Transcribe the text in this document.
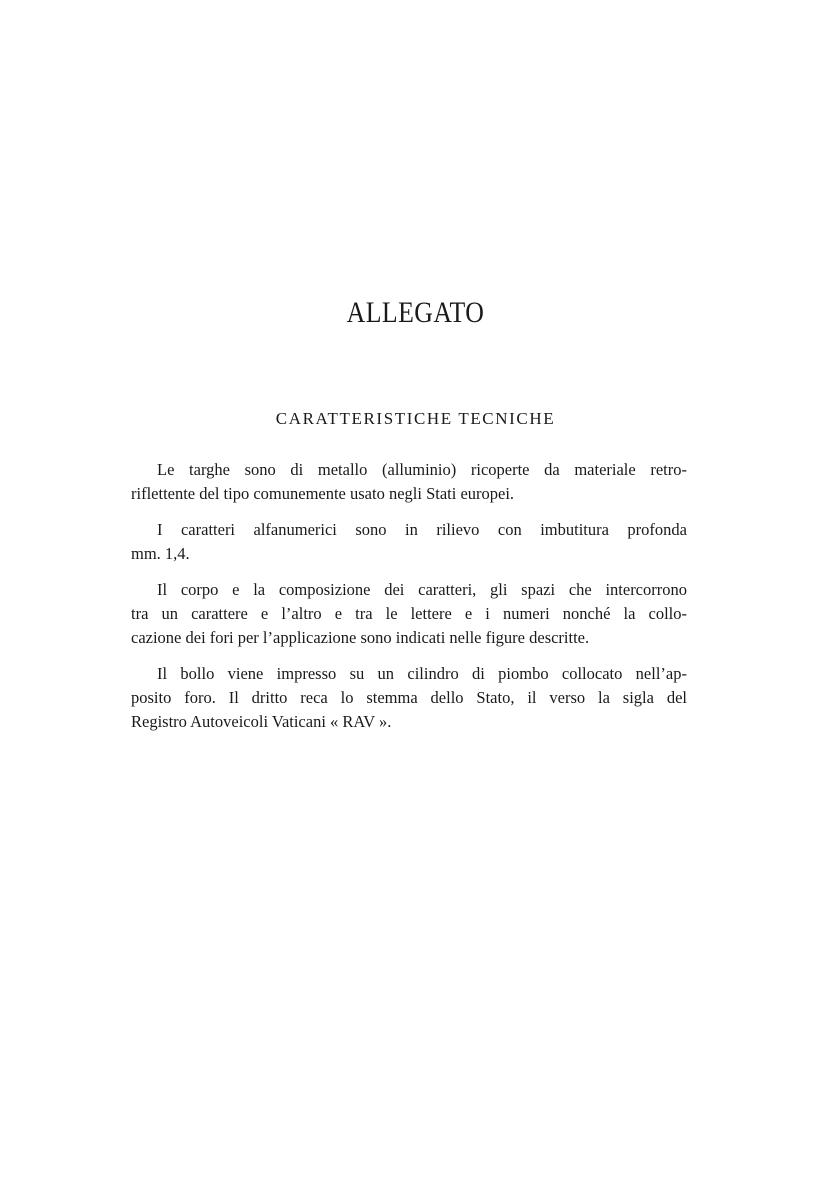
ALLEGATO
CARATTERISTICHE TECNICHE
Le targhe sono di metallo (alluminio) ricoperte da materiale retro-
riflettente del tipo comunemente usato negli Stati europei.
I caratteri alfanumerici sono in rilievo con imbutitura profonda
mm. 1,4.
Il corpo e la composizione dei caratteri, gli spazi che intercorrono
tra un carattere e l’altro e tra le lettere e i numeri nonché la collo-
cazione dei fori per l’applicazione sono indicati nelle figure descritte.
Il bollo viene impresso su un cilindro di piombo collocato nell’ap-
posito foro. Il dritto reca lo stemma dello Stato, il verso la sigla del
Registro Autoveicoli Vaticani « RAV ».
